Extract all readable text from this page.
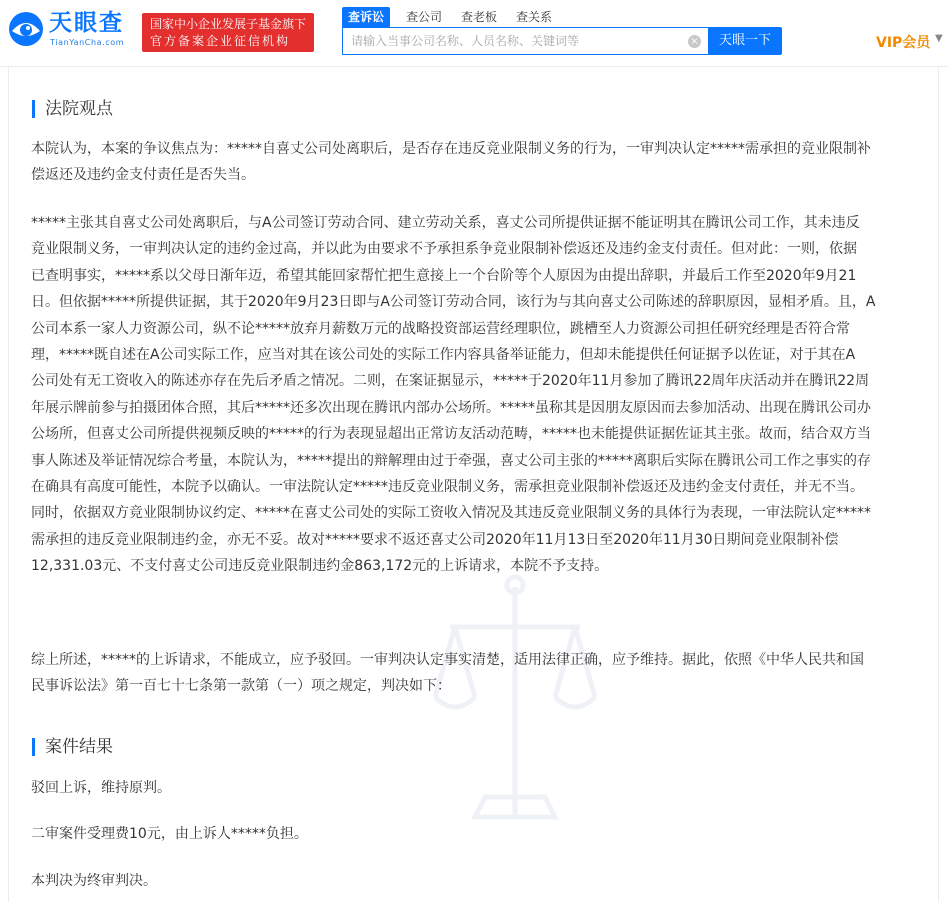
天眼查
TianYanCha.com
国家中小企业发展子基金旗下
官方备案企业征信机构
查诉讼	查公司 查老板 查关系
请输入当事公司名称、人员名称、关键词等
×	天眼一下	VIP会员 ▼
法院观点
本院认为，本案的争议焦点为：*****自喜丈公司处离职后，是否存在违反竞业限制义务的行为，一审判决认定*****需承担的竞业限制补
偿返还及违约金支付责任是否失当。
*****主张其自喜丈公司处离职后，与A公司签订劳动合同、建立劳动关系，喜丈公司所提供证据不能证明其在腾讯公司工作，其未违反
竞业限制义务，一审判决认定的违约金过高，并以此为由要求不予承担系争竞业限制补偿返还及违约金支付责任。但对此：一则，依据
已查明事实，*****系以父母日渐年迈，希望其能回家帮忙把生意接上一个台阶等个人原因为由提出辞职，并最后工作至2020年9月21
日。但依据*****所提供证据，其于2020年9月23日即与A公司签订劳动合同，该行为与其向喜丈公司陈述的辞职原因，显相矛盾。且，A
公司本系一家人力资源公司，纵不论*****放弃月薪数万元的战略投资部运营经理职位，跳槽至人力资源公司担任研究经理是否符合常
理，*****既自述在A公司实际工作，应当对其在该公司处的实际工作内容具备举证能力，但却未能提供任何证据予以佐证，对于其在A
公司处有无工资收入的陈述亦存在先后矛盾之情况。二则，在案证据显示，*****于2020年11月参加了腾讯22周年庆活动并在腾讯22周
年展示牌前参与拍摄团体合照，其后*****还多次出现在腾讯内部办公场所。*****虽称其是因朋友原因而去参加活动、出现在腾讯公司办
公场所，但喜丈公司所提供视频反映的*****的行为表现显超出正常访友活动范畴，*****也未能提供证据佐证其主张。故而，结合双方当
事人陈述及举证情况综合考量，本院认为，*****提出的辩解理由过于牵强，喜丈公司主张的*****离职后实际在腾讯公司工作之事实的存
在确具有高度可能性，本院予以确认。一审法院认定*****违反竞业限制义务，需承担竞业限制补偿返还及违约金支付责任，并无不当。
同时，依据双方竞业限制协议约定、*****在喜丈公司处的实际工资收入情况及其违反竞业限制义务的具体行为表现，一审法院认定*****
需承担的违反竞业限制违约金，亦无不妥。故对*****要求不返还喜丈公司2020年11月13日至2020年11月30日期间竞业限制补偿
12,331.03元、不支付喜丈公司违反竞业限制违约金863,172元的上诉请求，本院不予支持。
综上所述，*****的上诉请求，不能成立，应予驳回。一审判决认定事实清楚，适用法律正确，应予维持。据此，依照《中华人民共和国
民事诉讼法》第一百七十七条第一款第（一）项之规定，判决如下：
案件结果
驳回上诉，维持原判。
二审案件受理费10元，由上诉人*****负担。
本判决为终审判决。
